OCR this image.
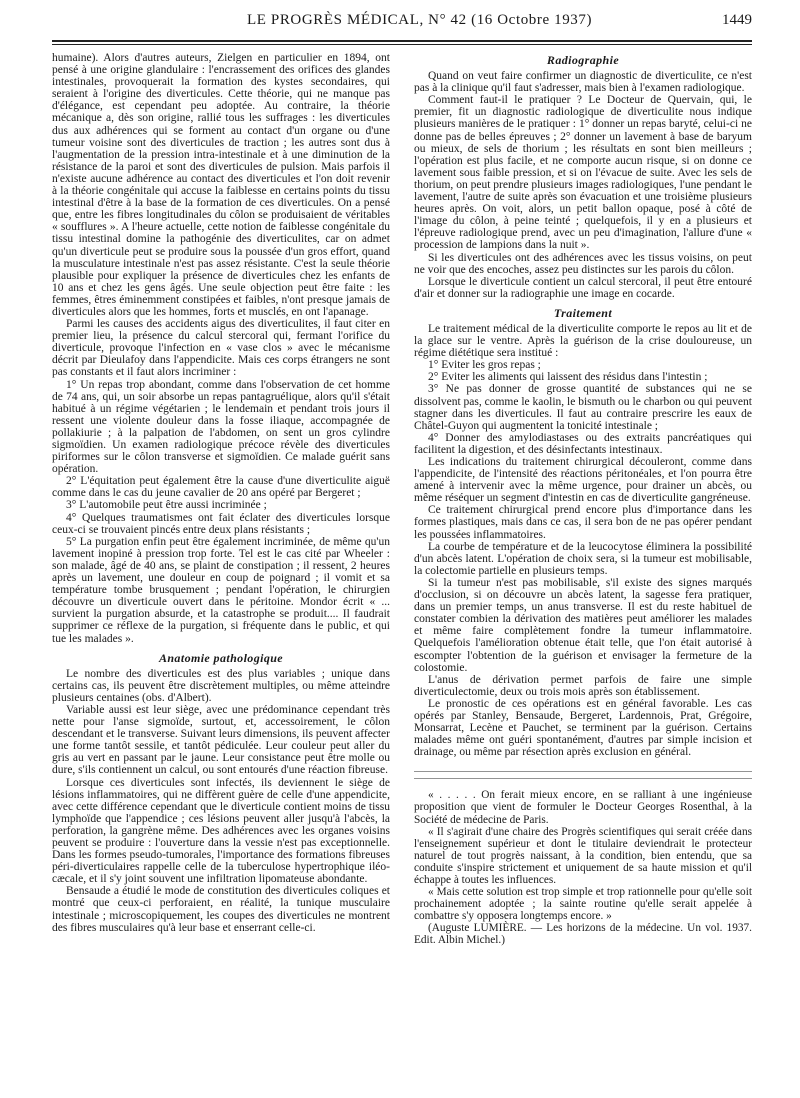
LE PROGRÈS MÉDICAL, N° 42 (16 Octobre 1937)	1449

humaine). Alors d'autres auteurs, Zielgen en particulier en 1894, ont pensé à une origine glandulaire : l'encrassement des orifices des glandes intestinales, provoquerait la formation des kystes secondaires, qui seraient à l'origine des diverticules. Cette théorie, qui ne manque pas d'élégance, est cependant peu adoptée. Au contraire, la théorie mécanique a, dès son origine, rallié tous les suffrages : les diverticules dus aux adhérences qui se forment au contact d'un organe ou d'une tumeur voisine sont des diverticules de traction ; les autres sont dus à l'augmentation de la pression intra-intestinale et à une diminution de la résistance de la paroi et sont des diverticules de pulsion. Mais parfois il n'existe aucune adhérence au contact des diverticules et l'on doit revenir à la théorie congénitale qui accuse la faiblesse en certains points du tissu intestinal d'être à la base de la formation de ces diverticules. On a pensé que, entre les fibres longitudinales du côlon se produisaient de véritables « soufflures ». A l'heure actuelle, cette notion de faiblesse congénitale du tissu intestinal domine la pathogénie des diverticulites, car on admet qu'un diverticule peut se produire sous la poussée d'un gros effort, quand la musculature intestinale n'est pas assez résistante. C'est la seule théorie plausible pour expliquer la présence de diverticules chez les enfants de 10 ans et chez les gens âgés. Une seule objection peut être faite : les femmes, êtres éminemment constipées et faibles, n'ont presque jamais de diverticules alors que les hommes, forts et musclés, en ont l'apanage.

Parmi les causes des accidents aigus des diverticulites, il faut citer en premier lieu, la présence du calcul stercoral qui, fermant l'orifice du diverticule, provoque l'infection en « vase clos » avec le mécanisme décrit par Dieulafoy dans l'appendicite. Mais ces corps étrangers ne sont pas constants et il faut alors incriminer :

1° Un repas trop abondant, comme dans l'observation de cet homme de 74 ans, qui, un soir absorbe un repas pantagruélique, alors qu'il s'était habitué à un régime végétarien ; le lendemain et pendant trois jours il ressent une violente douleur dans la fosse iliaque, accompagnée de pollakiurie ; à la palpation de l'abdomen, on sent un gros cylindre sigmoïdien. Un examen radiologique précoce révèle des diverticules piriformes sur le côlon transverse et sigmoïdien. Ce malade guérit sans opération.

2° L'équitation peut également être la cause d'une diverticulite aiguë comme dans le cas du jeune cavalier de 20 ans opéré par Bergeret ;

3° L'automobile peut être aussi incriminée ;

4° Quelques traumatismes ont fait éclater des diverticules lorsque ceux-ci se trouvaient pincés entre deux plans résistants ;

5° La purgation enfin peut être également incriminée, de même qu'un lavement inopiné à pression trop forte. Tel est le cas cité par Wheeler : son malade, âgé de 40 ans, se plaint de constipation ; il ressent, 2 heures après un lavement, une douleur en coup de poignard ; il vomit et sa température tombe brusquement ; pendant l'opération, le chirurgien découvre un diverticule ouvert dans le péritoine. Mondor écrit « ... survient la purgation absurde, et la catastrophe se produit.... Il faudrait supprimer ce réflexe de la purgation, si fréquente dans le public, et qui tue les malades ».

Anatomie pathologique

Le nombre des diverticules est des plus variables ; unique dans certains cas, ils peuvent être discrètement multiples, ou même atteindre plusieurs centaines (obs. d'Albert).

Variable aussi est leur siège, avec une prédominance cependant très nette pour l'anse sigmoïde, surtout, et, accessoirement, le côlon descendant et le transverse. Suivant leurs dimensions, ils peuvent affecter une forme tantôt sessile, et tantôt pédiculée. Leur couleur peut aller du gris au vert en passant par le jaune. Leur consistance peut être molle ou dure, s'ils contiennent un calcul, ou sont entourés d'une réaction fibreuse.

Lorsque ces diverticules sont infectés, ils deviennent le siège de lésions inflammatoires, qui ne diffèrent guère de celle d'une appendicite, avec cette différence cependant que le diverticule contient moins de tissu lymphoïde que l'appendice ; ces lésions peuvent aller jusqu'à l'abcès, la perforation, la gangrène même. Des adhérences avec les organes voisins peuvent se produire : l'ouverture dans la vessie n'est pas exceptionnelle. Dans les formes pseudo-tumorales, l'importance des formations fibreuses péri-diverticulaires rappelle celle de la tuberculose hypertrophique iléo-cæcale, et il s'y joint souvent une infiltration lipomateuse abondante.

Bensaude a étudié le mode de constitution des diverticules coliques et montré que ceux-ci perforaient, en réalité, la tunique musculaire intestinale ; microscopiquement, les coupes des diverticules ne montrent des fibres musculaires qu'à leur base et enserrant celle-ci.

Radiographie

Quand on veut faire confirmer un diagnostic de diverticulite, ce n'est pas à la clinique qu'il faut s'adresser, mais bien à l'examen radiologique.

Comment faut-il le pratiquer ? Le Docteur de Quervain, qui, le premier, fit un diagnostic radiologique de diverticulite nous indique plusieurs manières de le pratiquer : 1° donner un repas baryté, celui-ci ne donne pas de belles épreuves ; 2° donner un lavement à base de baryum ou mieux, de sels de thorium ; les résultats en sont bien meilleurs ; l'opération est plus facile, et ne comporte aucun risque, si on donne ce lavement sous faible pression, et si on l'évacue de suite. Avec les sels de thorium, on peut prendre plusieurs images radiologiques, l'une pendant le lavement, l'autre de suite après son évacuation et une troisième plusieurs heures après. On voit, alors, un petit ballon opaque, posé à côté de l'image du côlon, à peine teinté ; quelquefois, il y en a plusieurs et l'épreuve radiologique prend, avec un peu d'imagination, l'allure d'une « procession de lampions dans la nuit ».

Si les diverticules ont des adhérences avec les tissus voisins, on peut ne voir que des encoches, assez peu distinctes sur les parois du côlon.

Lorsque le diverticule contient un calcul stercoral, il peut être entouré d'air et donner sur la radiographie une image en cocarde.

Traitement

Le traitement médical de la diverticulite comporte le repos au lit et de la glace sur le ventre. Après la guérison de la crise douloureuse, un régime diététique sera institué :

1° Eviter les gros repas ;

2° Eviter les aliments qui laissent des résidus dans l'intestin ;

3° Ne pas donner de grosse quantité de substances qui ne se dissolvent pas, comme le kaolin, le bismuth ou le charbon ou qui peuvent stagner dans les diverticules. Il faut au contraire prescrire les eaux de Châtel-Guyon qui augmentent la tonicité intestinale ;

4° Donner des amylodiastases ou des extraits pancréatiques qui facilitent la digestion, et des désinfectants intestinaux.

Les indications du traitement chirurgical découleront, comme dans l'appendicite, de l'intensité des réactions péritonéales, et l'on pourra être amené à intervenir avec la même urgence, pour drainer un abcès, ou même réséquer un segment d'intestin en cas de diverticulite gangréneuse.

Ce traitement chirurgical prend encore plus d'importance dans les formes plastiques, mais dans ce cas, il sera bon de ne pas opérer pendant les poussées inflammatoires.

La courbe de température et de la leucocytose éliminera la possibilité d'un abcès latent. L'opération de choix sera, si la tumeur est mobilisable, la colectomie partielle en plusieurs temps.

Si la tumeur n'est pas mobilisable, s'il existe des signes marqués d'occlusion, si on découvre un abcès latent, la sagesse fera pratiquer, dans un premier temps, un anus transverse. Il est du reste habituel de constater combien la dérivation des matières peut améliorer les malades et même faire complètement fondre la tumeur inflammatoire. Quelquefois l'amélioration obtenue était telle, que l'on était autorisé à escompter l'obtention de la guérison et envisager la fermeture de la colostomie.

L'anus de dérivation permet parfois de faire une simple diverticulectomie, deux ou trois mois après son établissement.

Le pronostic de ces opérations est en général favorable. Les cas opérés par Stanley, Bensaude, Bergeret, Lardennois, Prat, Grégoire, Monsarrat, Lecène et Pauchet, se terminent par la guérison. Certains malades même ont guéri spontanément, d'autres par simple incision et drainage, ou même par résection après exclusion en général.

« . . . . . On ferait mieux encore, en se ralliant à une ingénieuse proposition que vient de formuler le Docteur Georges Rosenthal, à la Société de médecine de Paris.

« Il s'agirait d'une chaire des Progrès scientifiques qui serait créée dans l'enseignement supérieur et dont le titulaire deviendrait le protecteur naturel de tout progrès naissant, à la condition, bien entendu, que sa conduite s'inspire strictement et uniquement de sa haute mission et qu'il échappe à toutes les influences.

« Mais cette solution est trop simple et trop rationnelle pour qu'elle soit prochainement adoptée ; la sainte routine qu'elle serait appelée à combattre s'y opposera longtemps encore. »

(Auguste LUMIÈRE. — Les horizons de la médecine. Un vol. 1937. Edit. Albin Michel.)
